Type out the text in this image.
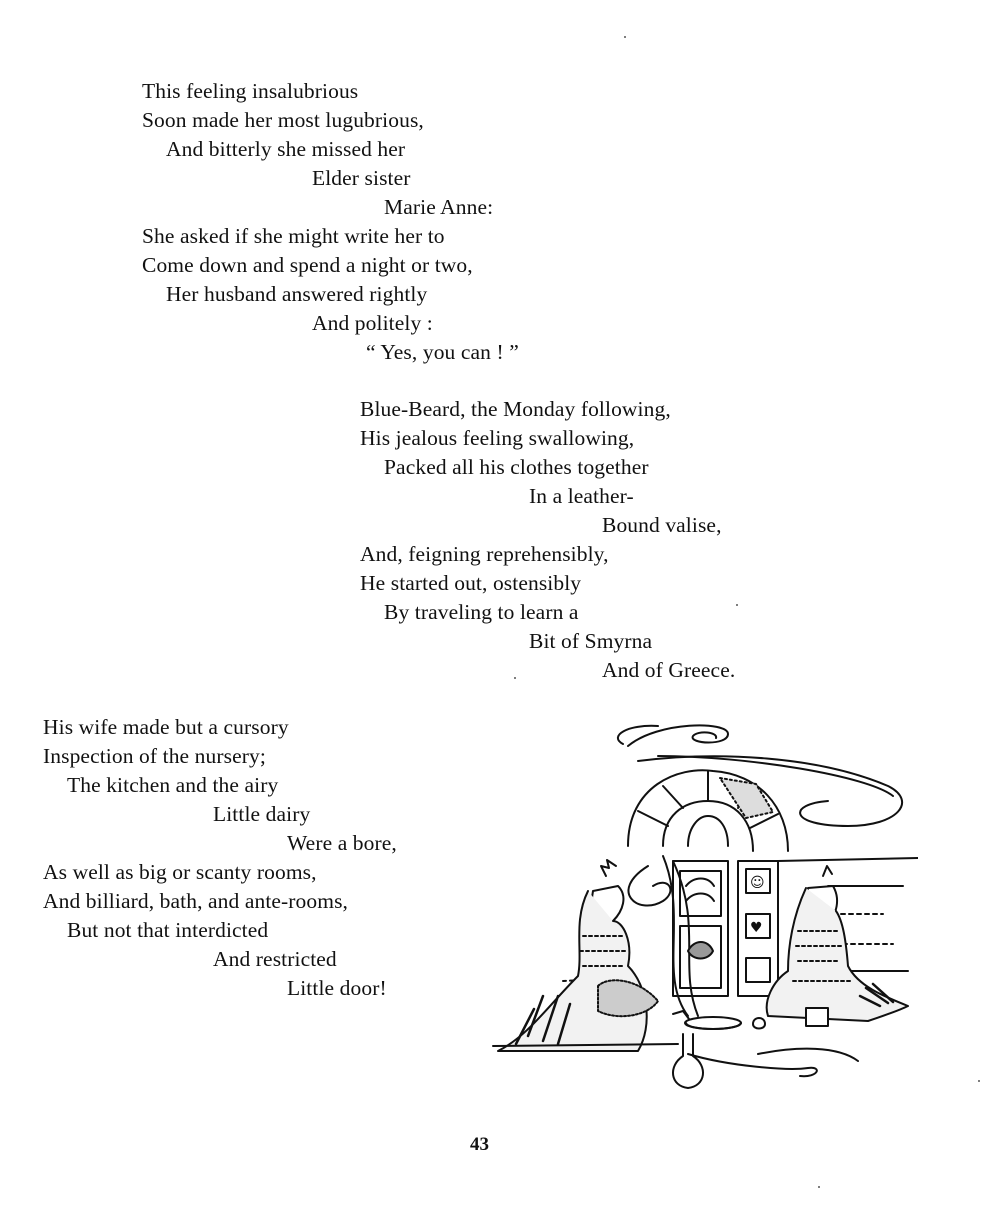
This feeling insalubrious
Soon made her most lugubrious,
And bitterly she missed her
Elder sister
Marie Anne:
She asked if she might write her to
Come down and spend a night or two,
Her husband answered rightly
And politely :
“ Yes, you can ! ”
Blue-Beard, the Monday following,
His jealous feeling swallowing,
Packed all his clothes together
In a leather-
Bound valise,
And, feigning reprehensibly,
He started out, ostensibly
By traveling to learn a
Bit of Smyrna
And of Greece.
His wife made but a cursory
Inspection of the nursery;
The kitchen and the airy
Little dairy
Were a bore,
As well as big or scanty rooms,
And billiard, bath, and ante-rooms,
But not that interdicted
And restricted
Little door!
☺
♥
43
